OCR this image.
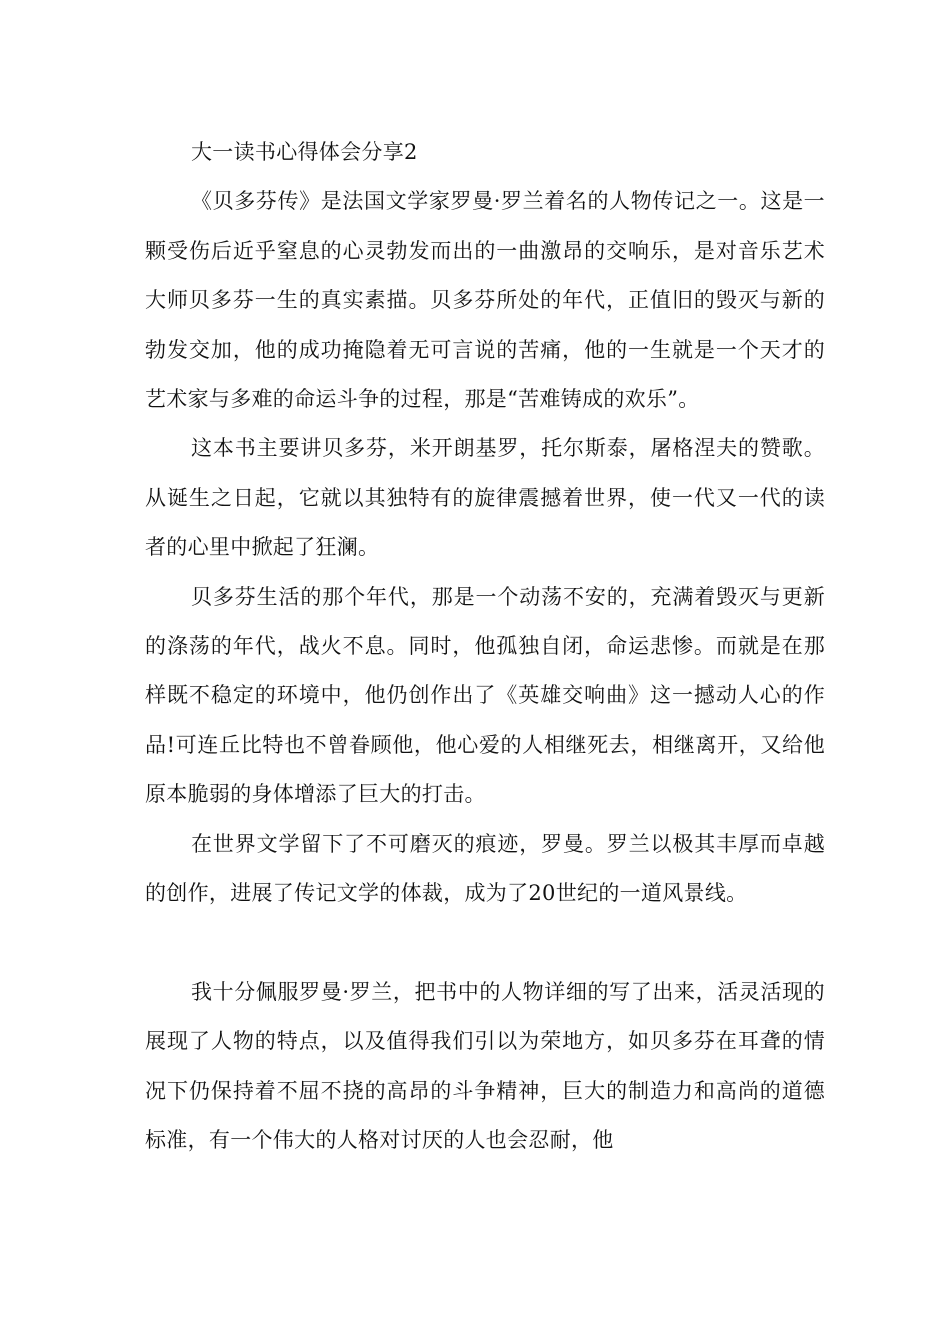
大一读书心得体会分享2

《贝多芬传》是法国文学家罗曼·罗兰着名的人物传记之一。这是一颗受伤后近乎窒息的心灵勃发而出的一曲激昂的交响乐，是对音乐艺术大师贝多芬一生的真实素描。贝多芬所处的年代，正值旧的毁灭与新的勃发交加，他的成功掩隐着无可言说的苦痛，他的一生就是一个天才的艺术家与多难的命运斗争的过程，那是“苦难铸成的欢乐”。

这本书主要讲贝多芬，米开朗基罗，托尔斯泰，屠格涅夫的赞歌。从诞生之日起，它就以其独特有的旋律震撼着世界，使一代又一代的读者的心里中掀起了狂澜。

贝多芬生活的那个年代，那是一个动荡不安的，充满着毁灭与更新的涤荡的年代，战火不息。同时，他孤独自闭，命运悲惨。而就是在那样既不稳定的环境中，他仍创作出了《英雄交响曲》这一撼动人心的作品!可连丘比特也不曾眷顾他，他心爱的人相继死去，相继离开，又给他原本脆弱的身体增添了巨大的打击。

在世界文学留下了不可磨灭的痕迹，罗曼。罗兰以极其丰厚而卓越的创作，进展了传记文学的体裁，成为了20世纪的一道风景线。

我十分佩服罗曼·罗兰，把书中的人物详细的写了出来，活灵活现的展现了人物的特点，以及值得我们引以为荣地方，如贝多芬在耳聋的情况下仍保持着不屈不挠的高昂的斗争精神，巨大的制造力和高尚的道德标准，有一个伟大的人格对讨厌的人也会忍耐，他
